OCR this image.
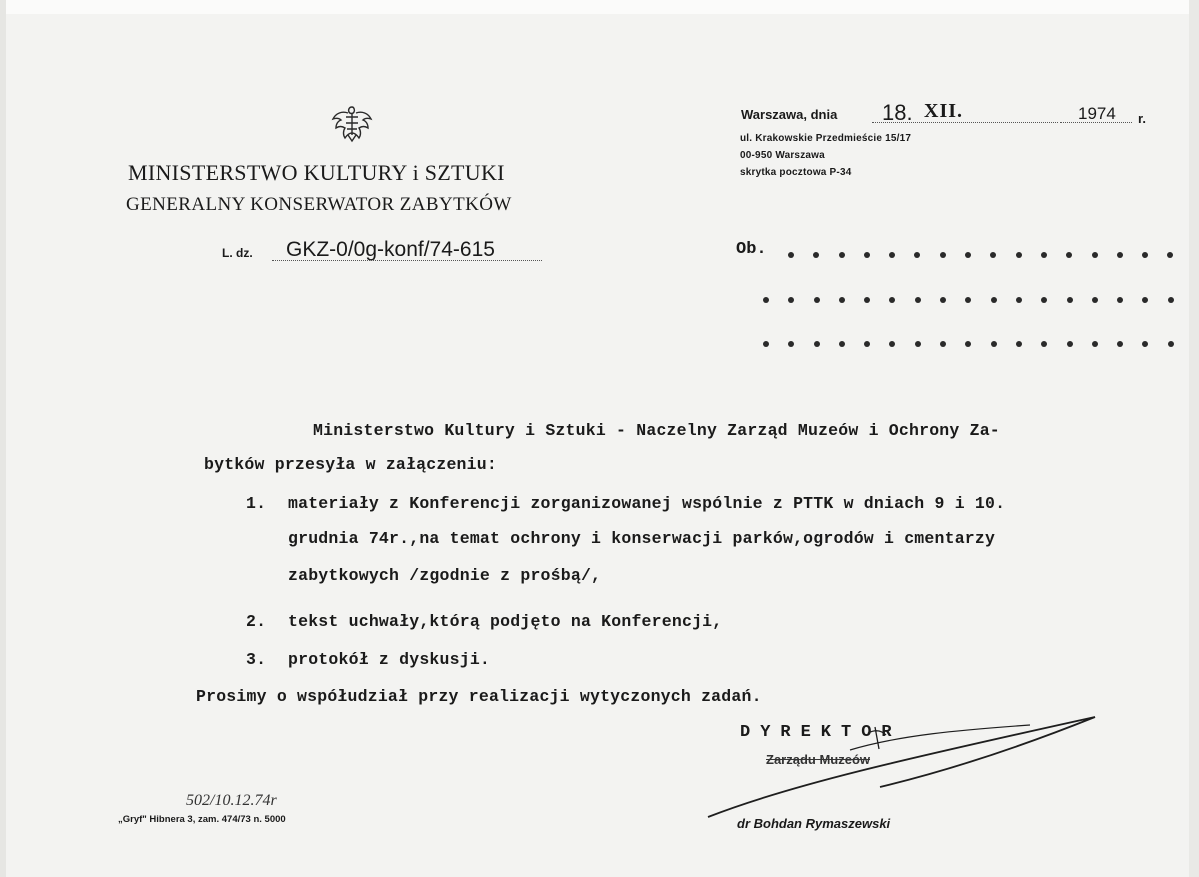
MINISTERSTWO KULTURY i SZTUKI
GENERALNY KONSERWATOR ZABYTKÓW
L. dz. GKZ-0/0g-konf/74-615
Warszawa, dnia 18. XII.	1974 r.
ul. Krakowskie Przedmieście 15/17
00-950 Warszawa
skrytka pocztowa P-34
Ob.
Ministerstwo Kultury i Sztuki - Naczelny Zarząd Muzeów i Ochrony Za-
bytków przesyła w załączeniu:
1. materiały z Konferencji zorganizowanej wspólnie z PTTK w dniach 9 i 10.
grudnia 74r.,na temat ochrony i konserwacji parków,ogrodów i cmentarzy
zabytkowych /zgodnie z prośbą/,
2. tekst uchwały,którą podjęto na Konferencji,
3. protokół z dyskusji.
Prosimy o współudział przy realizacji wytyczonych zadań.
DYREKTOR
Zarządu Muzeów
dr Bohdan Rymaszewski
502/10.12.74r
„Gryf" Hibnera 3, zam. 474/73 n. 5000
